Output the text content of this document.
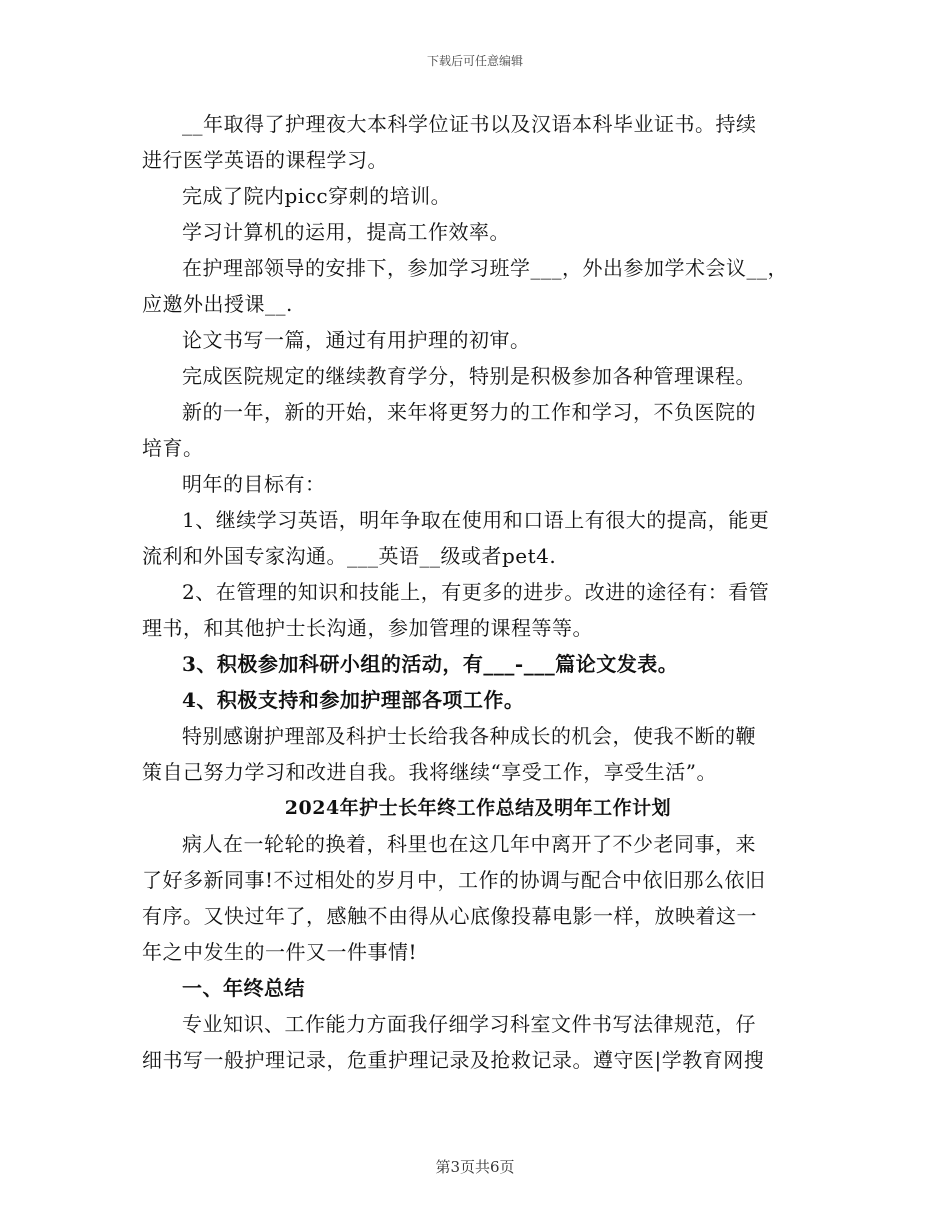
下载后可任意编辑

__年取得了护理夜大本科学位证书以及汉语本科毕业证书。持续
进行医学英语的课程学习。

完成了院内picc穿刺的培训。

学习计算机的运用，提高工作效率。

在护理部领导的安排下，参加学习班学___，外出参加学术会议__，
应邀外出授课__.

论文书写一篇，通过有用护理的初审。

完成医院规定的继续教育学分，特别是积极参加各种管理课程。

新的一年，新的开始，来年将更努力的工作和学习，不负医院的
培育。

明年的目标有：

1、继续学习英语，明年争取在使用和口语上有很大的提高，能更
流利和外国专家沟通。___英语__级或者pet4.

2、在管理的知识和技能上，有更多的进步。改进的途径有：看管
理书，和其他护士长沟通，参加管理的课程等等。

3、积极参加科研小组的活动，有___-___篇论文发表。

4、积极支持和参加护理部各项工作。

特别感谢护理部及科护士长给我各种成长的机会，使我不断的鞭
策自己努力学习和改进自我。我将继续“享受工作，享受生活”。

2024年护士长年终工作总结及明年工作计划

病人在一轮轮的换着，科里也在这几年中离开了不少老同事，来
了好多新同事!不过相处的岁月中，工作的协调与配合中依旧那么依旧
有序。又快过年了，感触不由得从心底像投幕电影一样，放映着这一
年之中发生的一件又一件事情!

一、年终总结

专业知识、工作能力方面我仔细学习科室文件书写法律规范，仔
细书写一般护理记录，危重护理记录及抢救记录。遵守医|学教育网搜

第3页共6页
